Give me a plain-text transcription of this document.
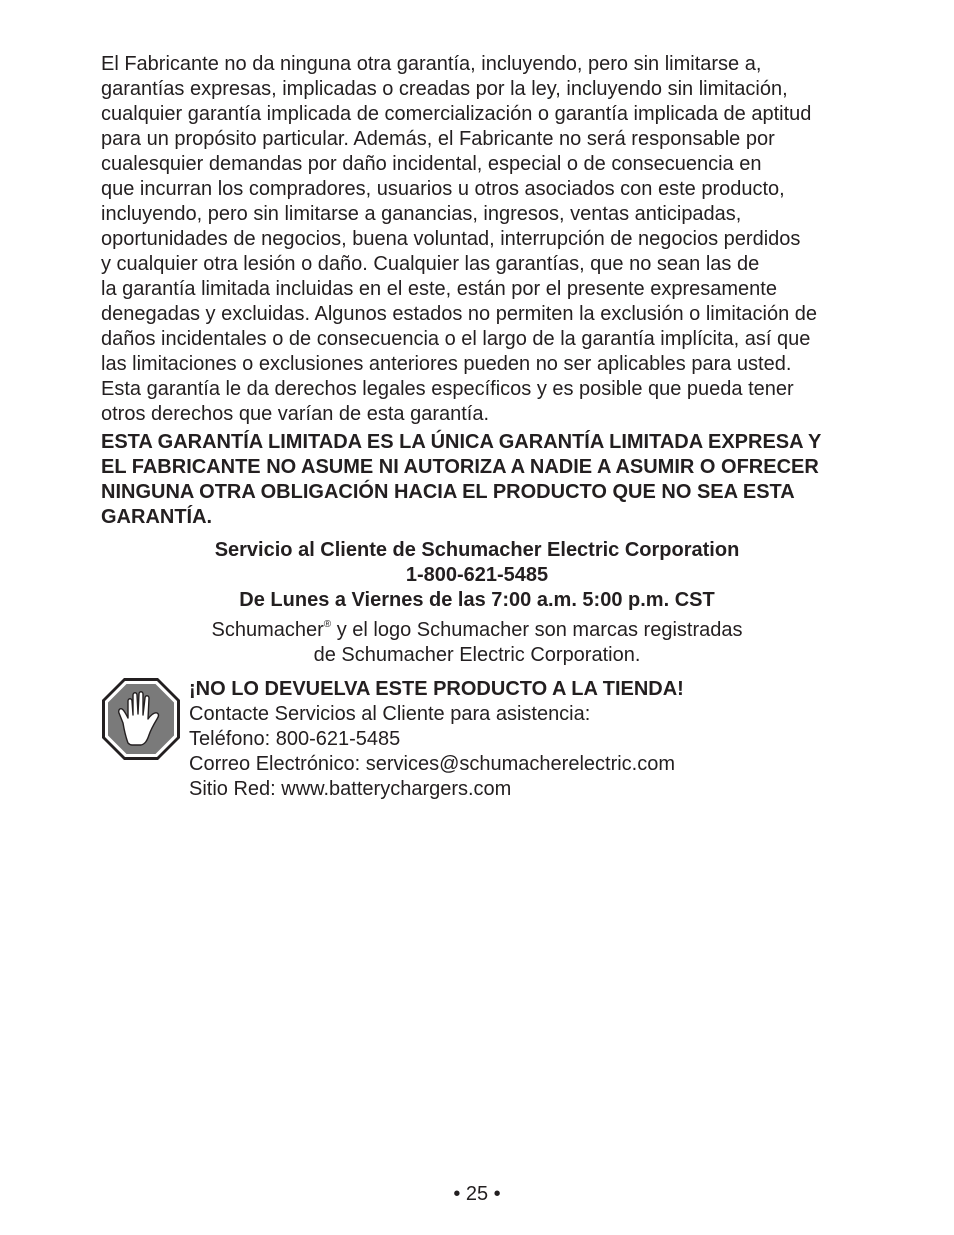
El Fabricante no da ninguna otra garantía, incluyendo, pero sin limitarse a,
garantías expresas, implicadas o creadas por la ley, incluyendo sin limitación,
cualquier garantía implicada de comercialización o garantía implicada de aptitud
para un propósito particular. Además, el Fabricante no será responsable por
cualesquier demandas por daño incidental, especial o de consecuencia en
que incurran los compradores, usuarios u otros asociados con este producto,
incluyendo, pero sin limitarse a ganancias, ingresos, ventas anticipadas,
oportunidades de negocios, buena voluntad, interrupción de negocios perdidos
y cualquier otra lesión o daño. Cualquier las garantías, que no sean las de
la garantía limitada incluidas en el este, están por el presente expresamente
denegadas y excluidas. Algunos estados no permiten la exclusión o limitación de
daños incidentales o de consecuencia o el largo de la garantía implícita, así que
las limitaciones o exclusiones anteriores pueden no ser aplicables para usted.
Esta garantía le da derechos legales específicos y es posible que pueda tener
otros derechos que varían de esta garantía.

ESTA GARANTÍA LIMITADA ES LA ÚNICA GARANTÍA LIMITADA EXPRESA Y
EL FABRICANTE NO ASUME NI AUTORIZA A NADIE A ASUMIR O OFRECER
NINGUNA OTRA OBLIGACIÓN HACIA EL PRODUCTO QUE NO SEA ESTA
GARANTÍA.

Servicio al Cliente de Schumacher Electric Corporation
1-800-621-5485
De Lunes a Viernes de las 7:00 a.m. 5:00 p.m. CST
Schumacher® y el logo Schumacher son marcas registradas
de Schumacher Electric Corporation.
¡NO LO DEVUELVA ESTE PRODUCTO A LA TIENDA!
Contacte Servicios al Cliente para asistencia:
Teléfono: 800-621-5485
Correo Electrónico: services@schumacherelectric.com
Sitio Red: www.batterychargers.com
• 25 •
